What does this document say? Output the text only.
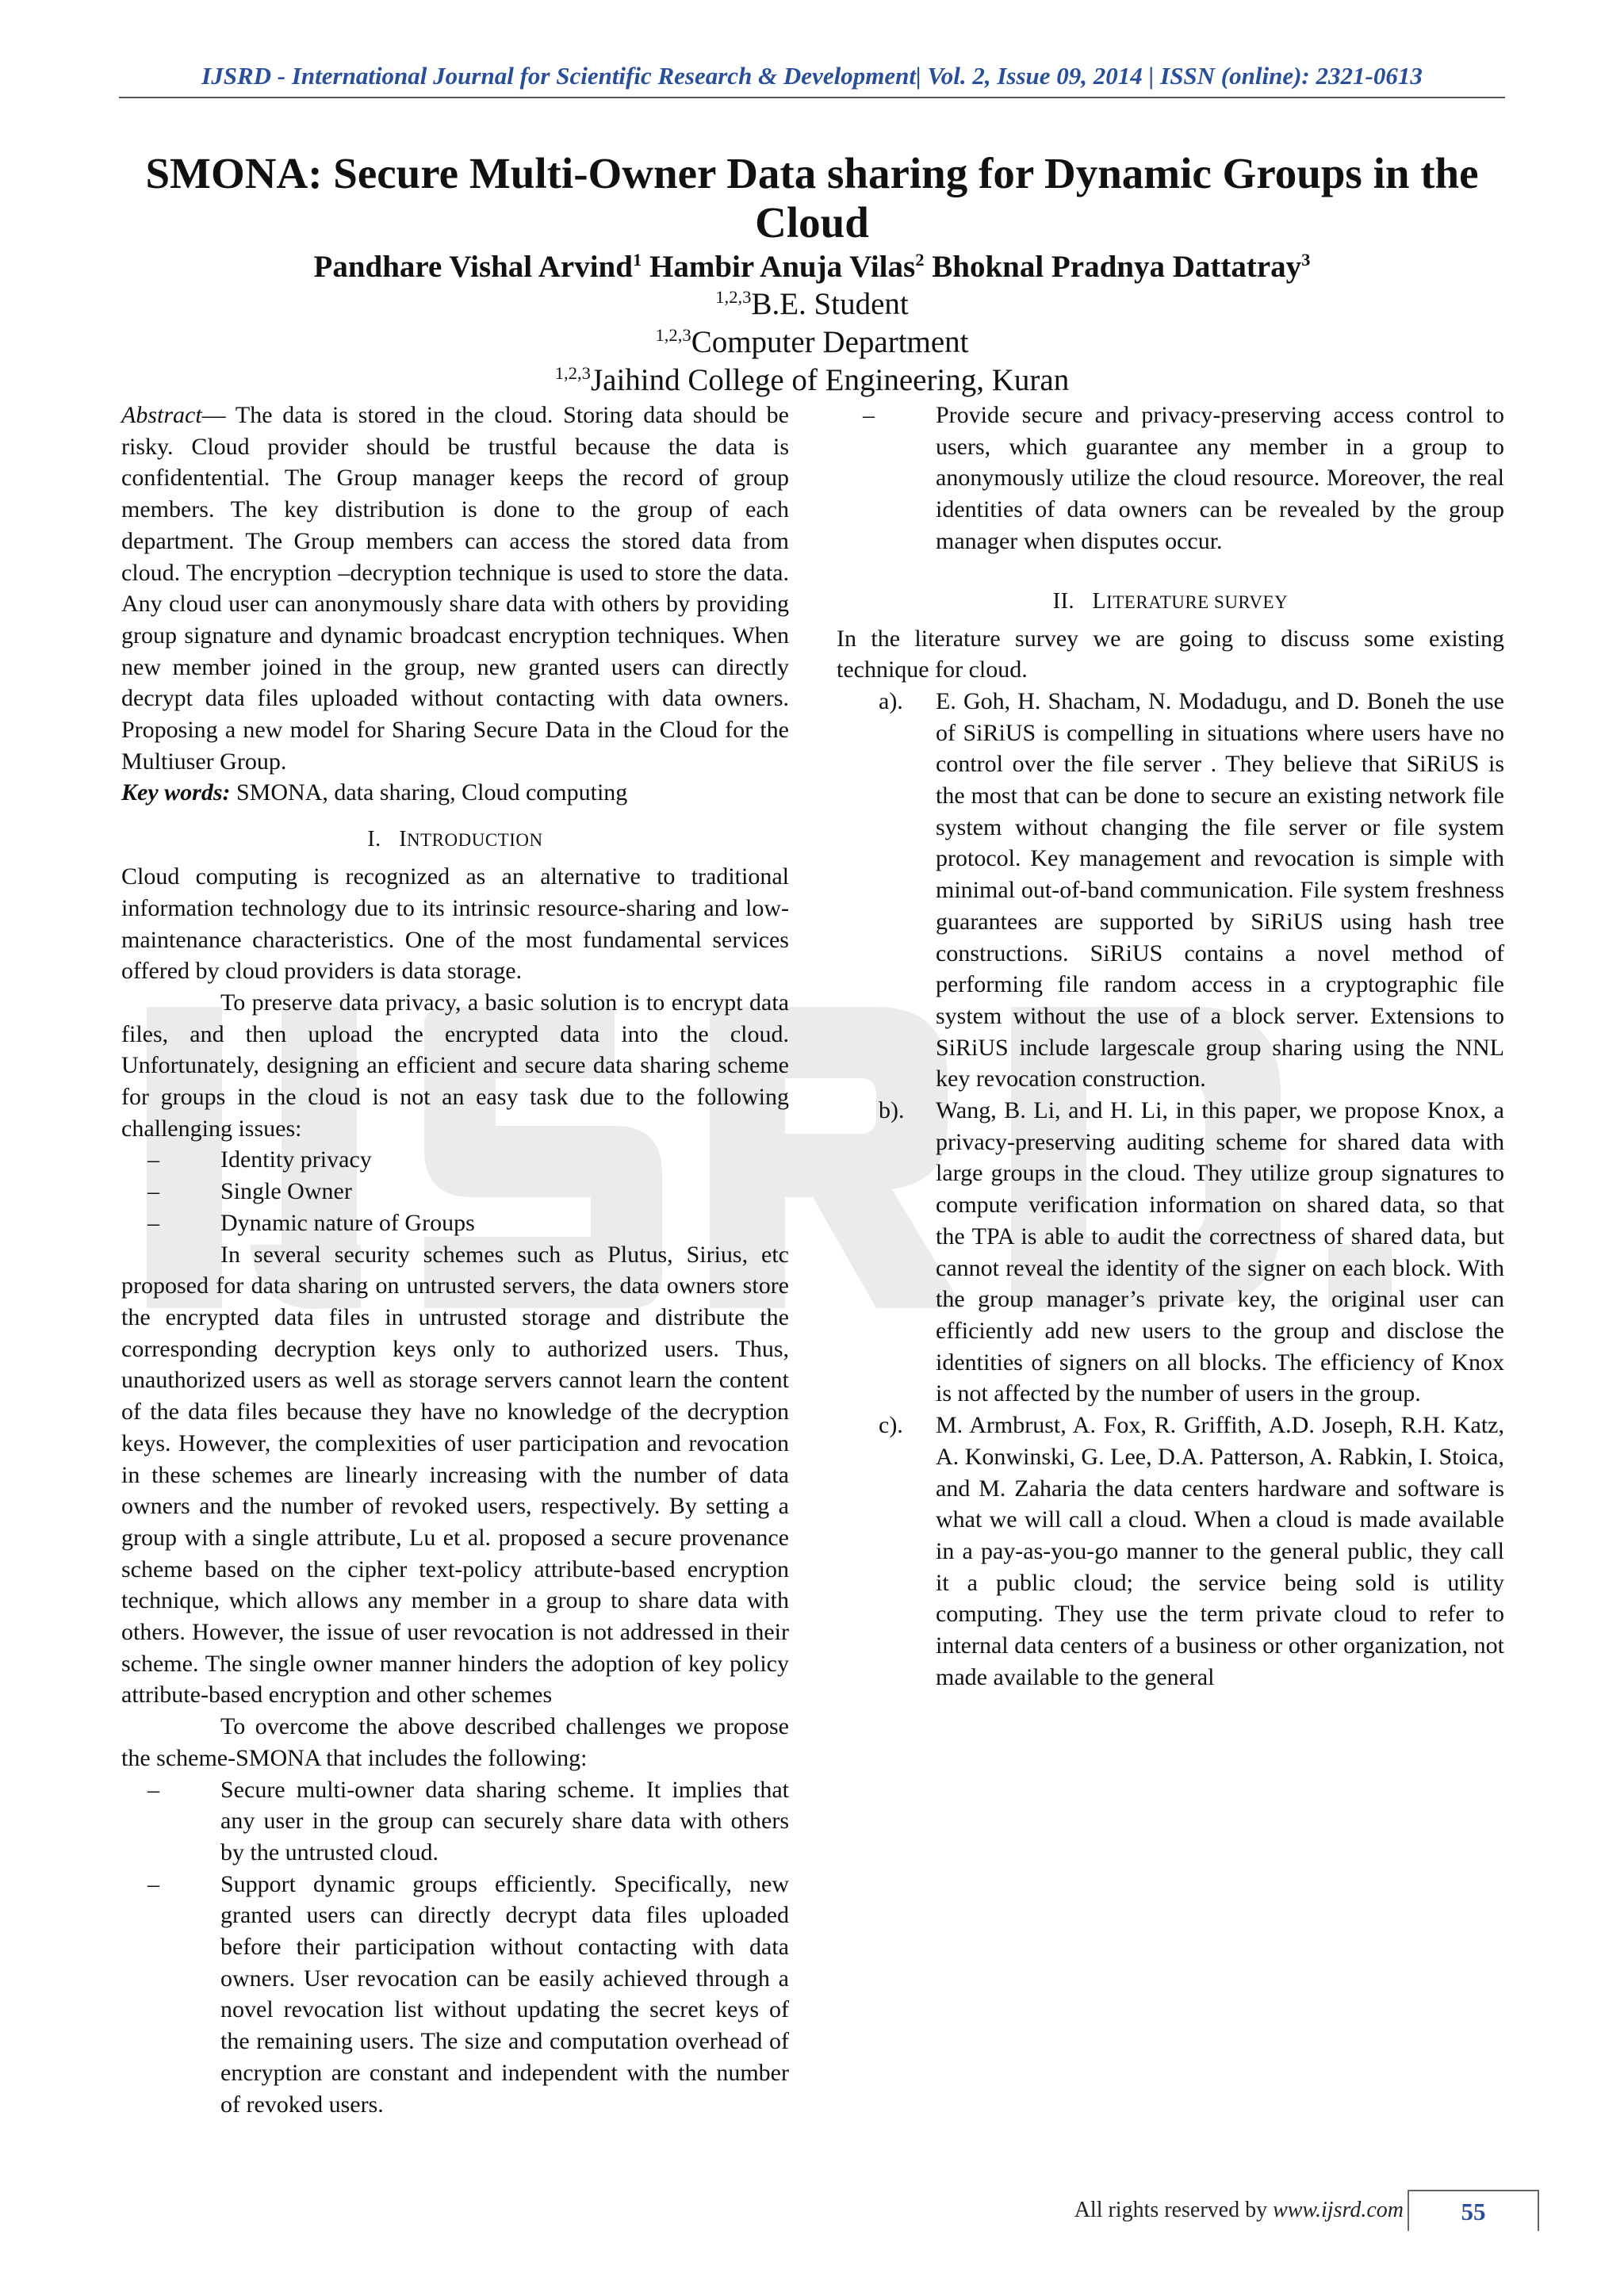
IJSRD - International Journal for Scientific Research & Development| Vol. 2, Issue 09, 2014 | ISSN (online): 2321-0613
SMONA: Secure Multi-Owner Data sharing for Dynamic Groups in the
Cloud
Pandhare Vishal Arvind$^1$ Hambir Anuja Vilas$^2$ Bhoknal Pradnya Dattatray$^3$
$^{1,2,3}$B.E. Student
$^{1,2,3}$Computer Department
$^{1,2,3}$Jaihind College of Engineering, Kuran

Abstract— The data is stored in the cloud. Storing data should be risky. Cloud provider should be trustful because the data is confidentential. The Group manager keeps the record of group members. The key distribution is done to the group of each department. The Group members can access the stored data from cloud. The encryption –decryption technique is used to store the data. Any cloud user can anonymously share data with others by providing group signature and dynamic broadcast encryption techniques. When new member joined in the group, new granted users can directly decrypt data files uploaded without contacting with data owners. Proposing a new model for Sharing Secure Data in the Cloud for the Multiuser Group.

Key words: SMONA, data sharing, Cloud computing

I. INTRODUCTION

Cloud computing is recognized as an alternative to traditional information technology due to its intrinsic resource-sharing and low-maintenance characteristics. One of the most fundamental services offered by cloud providers is data storage.

To preserve data privacy, a basic solution is to encrypt data files, and then upload the encrypted data into the cloud. Unfortunately, designing an efficient and secure data sharing scheme for groups in the cloud is not an easy task due to the following challenging issues:

–	Identity privacy
–	Single Owner
–	Dynamic nature of Groups

In several security schemes such as Plutus, Sirius, etc proposed for data sharing on untrusted servers, the data owners store the encrypted data files in untrusted storage and distribute the corresponding decryption keys only to authorized users. Thus, unauthorized users as well as storage servers cannot learn the content of the data files because they have no knowledge of the decryption keys. However, the complexities of user participation and revocation in these schemes are linearly increasing with the number of data owners and the number of revoked users, respectively. By setting a group with a single attribute, Lu et al. proposed a secure provenance scheme based on the cipher text-policy attribute-based encryption technique, which allows any member in a group to share data with others. However, the issue of user revocation is not addressed in their scheme. The single owner manner hinders the adoption of key policy attribute-based encryption and other schemes

To overcome the above described challenges we propose the scheme-SMONA that includes the following:

–	Secure multi-owner data sharing scheme. It implies that any user in the group can securely share data with others by the untrusted cloud.
–	Support dynamic groups efficiently. Specifically, new granted users can directly decrypt data files uploaded before their participation without contacting with data owners. User revocation can be easily achieved through a novel revocation list without updating the secret keys of the remaining users. The size and computation overhead of encryption are constant and independent with the number of revoked users.
–	Provide secure and privacy-preserving access control to users, which guarantee any member in a group to anonymously utilize the cloud resource. Moreover, the real identities of data owners can be revealed by the group manager when disputes occur.
II. LITERATURE SURVEY

In the literature survey we are going to discuss some existing technique for cloud.

a). E. Goh, H. Shacham, N. Modadugu, and D. Boneh the use of SiRiUS is compelling in situations where users have no control over the file server . They believe that SiRiUS is the most that can be done to secure an existing network file system without changing the file server or file system protocol. Key management and revocation is simple with minimal out-of-band communication. File system freshness guarantees are supported by SiRiUS using hash tree constructions. SiRiUS contains a novel method of performing file random access in a cryptographic file system without the use of a block server. Extensions to SiRiUS include largescale group sharing using the NNL key revocation construction.
b). Wang, B. Li, and H. Li, in this paper, we propose Knox, a privacy-preserving auditing scheme for shared data with large groups in the cloud. They utilize group signatures to compute verification information on shared data, so that the TPA is able to audit the correctness of shared data, but cannot reveal the identity of the signer on each block. With the group manager’s private key, the original user can efficiently add new users to the group and disclose the identities of signers on all blocks. The efficiency of Knox is not affected by the number of users in the group.
c). M. Armbrust, A. Fox, R. Griffith, A.D. Joseph, R.H. Katz, A. Konwinski, G. Lee, D.A. Patterson, A. Rabkin, I. Stoica, and M. Zaharia the data centers hardware and software is what we will call a cloud. When a cloud is made available in a pay-as-you-go manner to the general public, they call it a public cloud; the service being sold is utility computing. They use the term private cloud to refer to internal data centers of a business or other organization, not made available to the general
All rights reserved by www.ijsrd.com	55
